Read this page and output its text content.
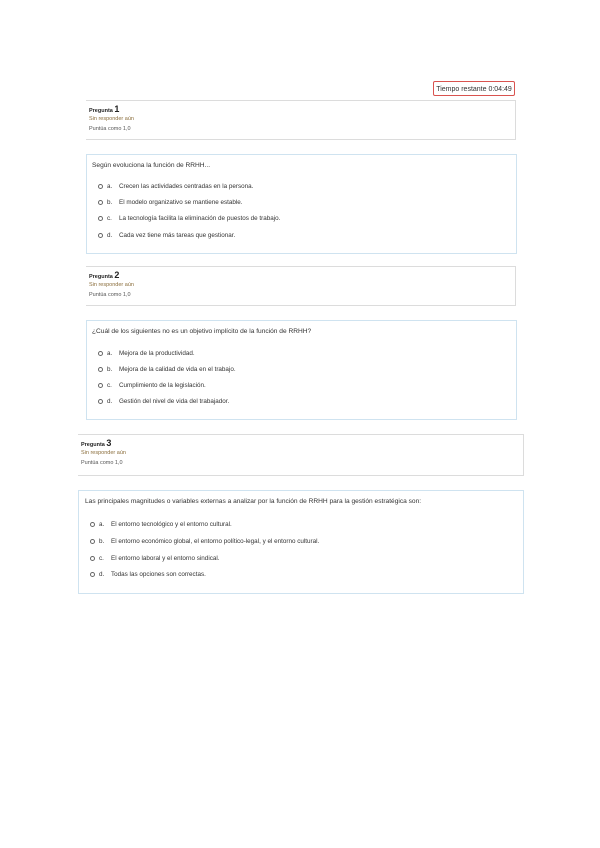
Tiempo restante 0:04:49
Pregunta 1
Sin responder aún
Puntúa como 1,0
Según evoluciona la función de RRHH...
a.	Crecen las actividades centradas en la persona.
b.	El modelo organizativo se mantiene estable.
c.	La tecnología facilita la eliminación de puestos de trabajo.
d.	Cada vez tiene más tareas que gestionar.
Pregunta 2
Sin responder aún
Puntúa como 1,0
¿Cuál de los siguientes no es un objetivo implícito de la función de RRHH?
a.	Mejora de la productividad.
b.	Mejora de la calidad de vida en el trabajo.
c.	Cumplimiento de la legislación.
d.	Gestión del nivel de vida del trabajador.
Pregunta 3
Sin responder aún
Puntúa como 1,0
Las principales magnitudes o variables externas a analizar por la función de RRHH para la gestión estratégica son:
a.	El entorno tecnológico y el entorno cultural.
b.	El entorno económico global, el entorno político-legal, y el entorno cultural.
c.	El entorno laboral y el entorno sindical.
d.	Todas las opciones son correctas.
